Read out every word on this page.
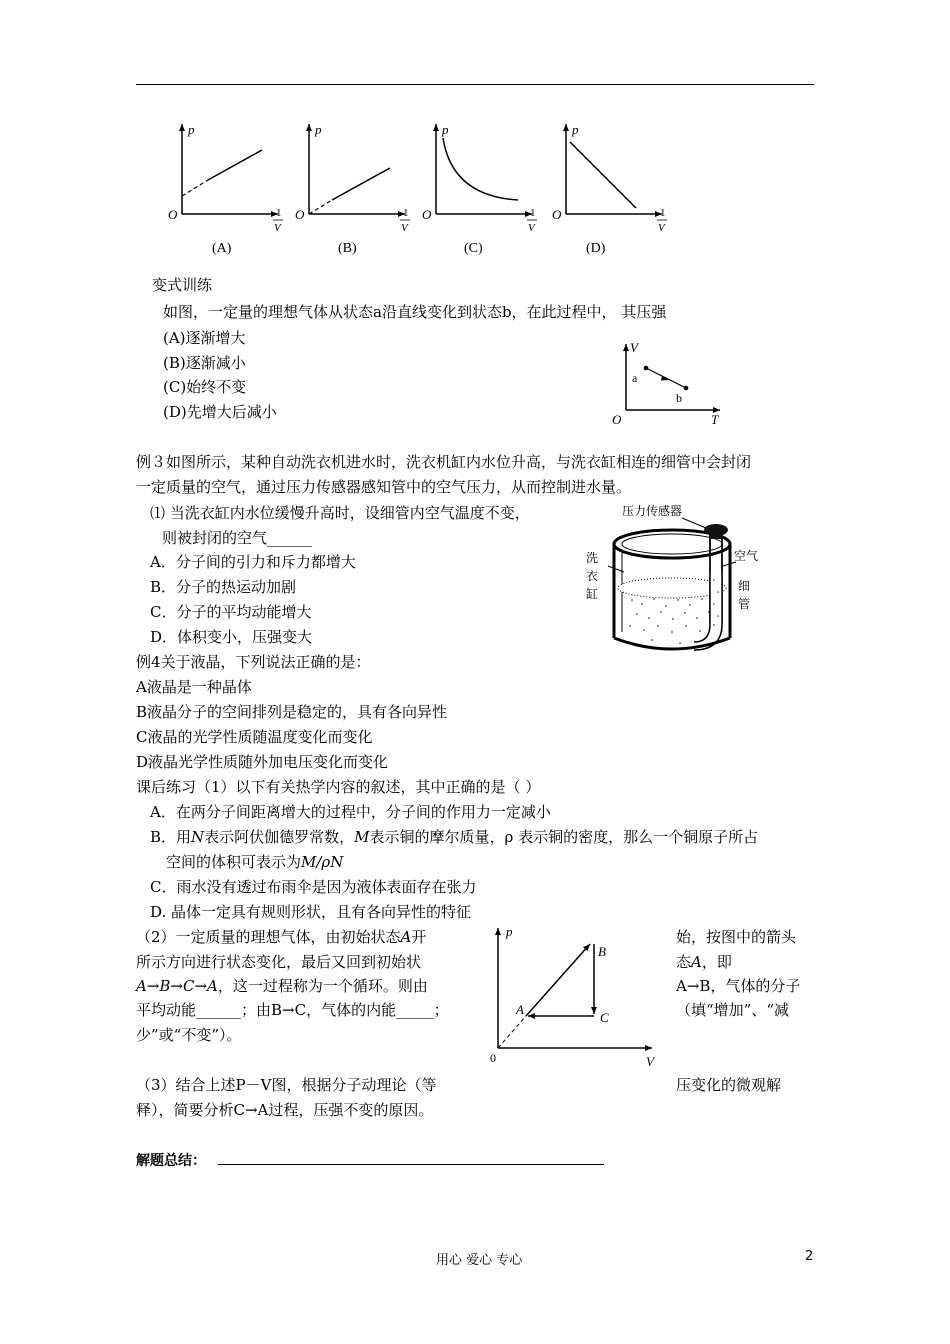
p
O	1
V
(A)
p
O	1
V
(B)
p
O	1
V
(C)
p
O	1
V
(D)
变式训练
如图，一定量的理想气体从状态a沿直线变化到状态b，在此过程中， 其压强
(A)逐渐增大
(B)逐渐减小
(C)始终不变
(D)先增大后减小
V
T
O
a
b
例３如图所示，某种自动洗衣机进水时，洗衣机缸内水位升高，与洗衣缸相连的细管中会封闭
一定质量的空气，通过压力传感器感知管中的空气压力，从而控制进水量。
⑴ 当洗衣缸内水位缓慢升高时，设细管内空气温度不变，
则被封闭的空气______
A．分子间的引力和斥力都增大
B．分子的热运动加剧
C．分子的平均动能增大
D．体积变小，压强变大
压力传感器
空气
细
管
洗
衣
缸
例4关于液晶，下列说法正确的是：
A液晶是一种晶体
B液晶分子的空间排列是稳定的，具有各向异性
C液晶的光学性质随温度变化而变化
D液晶光学性质随外加电压变化而变化
课后练习（1）以下有关热学内容的叙述，其中正确的是（ ）
A．在两分子间距离增大的过程中，分子间的作用力一定减小
B．用N表示阿伏伽德罗常数，M表示铜的摩尔质量，ρ 表示铜的密度，那么一个铜原子所占
空间的体积可表示为M/ρN
C．雨水没有透过布雨伞是因为液体表面存在张力
D. 晶体一定具有规则形状，且有各向异性的特征
（2）一定质量的理想气体，由初始状态A开
所示方向进行状态变化，最后又回到初始状
A→B→C→A，这一过程称为一个循环。则由
平均动能______；由B→C，气体的内能_____；
少”或“不变”）。
始，按图中的箭头
态A，即
A→B，气体的分子
（填“增加”、“减
p
V
0
A
B
C
（3）结合上述P－V图，根据分子动理论（等	压变化的微观解
释），简要分析C→A过程，压强不变的原因。
解题总结：
用心 爱心 专心	2
